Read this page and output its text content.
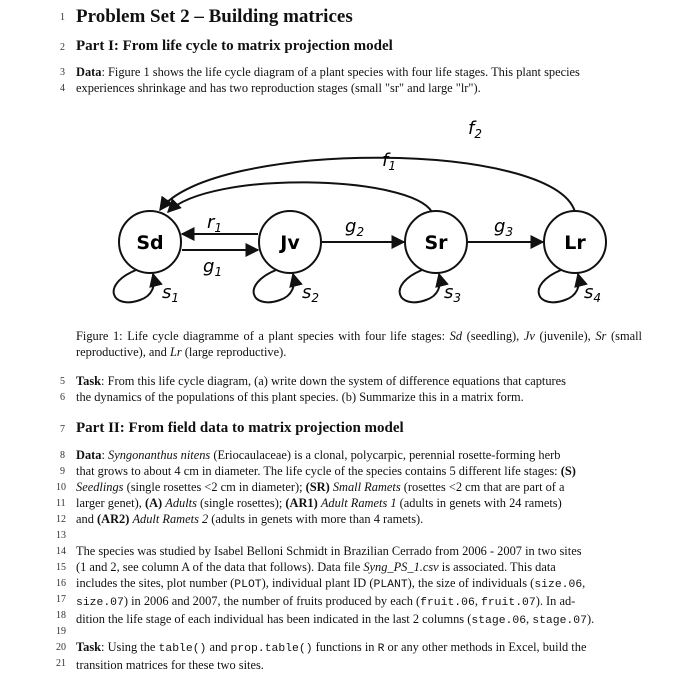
1
2
3
4
5
6
7
8
9
10
11
12
13
14
15
16
17
18
19
20
21
Problem Set 2 – Building matrices
Part I: From life cycle to matrix projection model
Data: Figure 1 shows the life cycle diagram of a plant species with four life stages. This plant species
experiences shrinkage and has two reproduction stages (small "sr" and large "lr").
$f_2$
$f_1$
Sd	Jv	Sr	Lr
$r_1$
$g_1$
$g_2$	$g_3$
$s_1$	$s_2$	$s_3$	$s_4$
Figure 1: Life cycle diagramme of a plant species with four life stages: Sd (seedling), Jv (juvenile), Sr (small reproductive), and Lr (large reproductive).
Task: From this life cycle diagram, (a) write down the system of difference equations that captures
the dynamics of the populations of this plant species. (b) Summarize this in a matrix form.
Part II: From field data to matrix projection model
Data: Syngonanthus nitens (Eriocaulaceae) is a clonal, polycarpic, perennial rosette-forming herb
that grows to about 4 cm in diameter. The life cycle of the species contains 5 different life stages: (S)
Seedlings (single rosettes <2 cm in diameter); (SR) Small Ramets (rosettes <2 cm that are part of a
larger genet), (A) Adults (single rosettes); (AR1) Adult Ramets 1 (adults in genets with 24 ramets)
and (AR2) Adult Ramets 2 (adults in genets with more than 4 ramets).
The species was studied by Isabel Belloni Schmidt in Brazilian Cerrado from 2006 - 2007 in two sites
(1 and 2, see column A of the data that follows). Data file Syng_PS_1.csv is associated. This data
includes the sites, plot number (PLOT), individual plant ID (PLANT), the size of individuals (size.06,
size.07) in 2006 and 2007, the number of fruits produced by each (fruit.06, fruit.07). In ad-
dition the life stage of each individual has been indicated in the last 2 columns (stage.06, stage.07).
Task: Using the table() and prop.table() functions in R or any other methods in Excel, build the
transition matrices for these two sites.
